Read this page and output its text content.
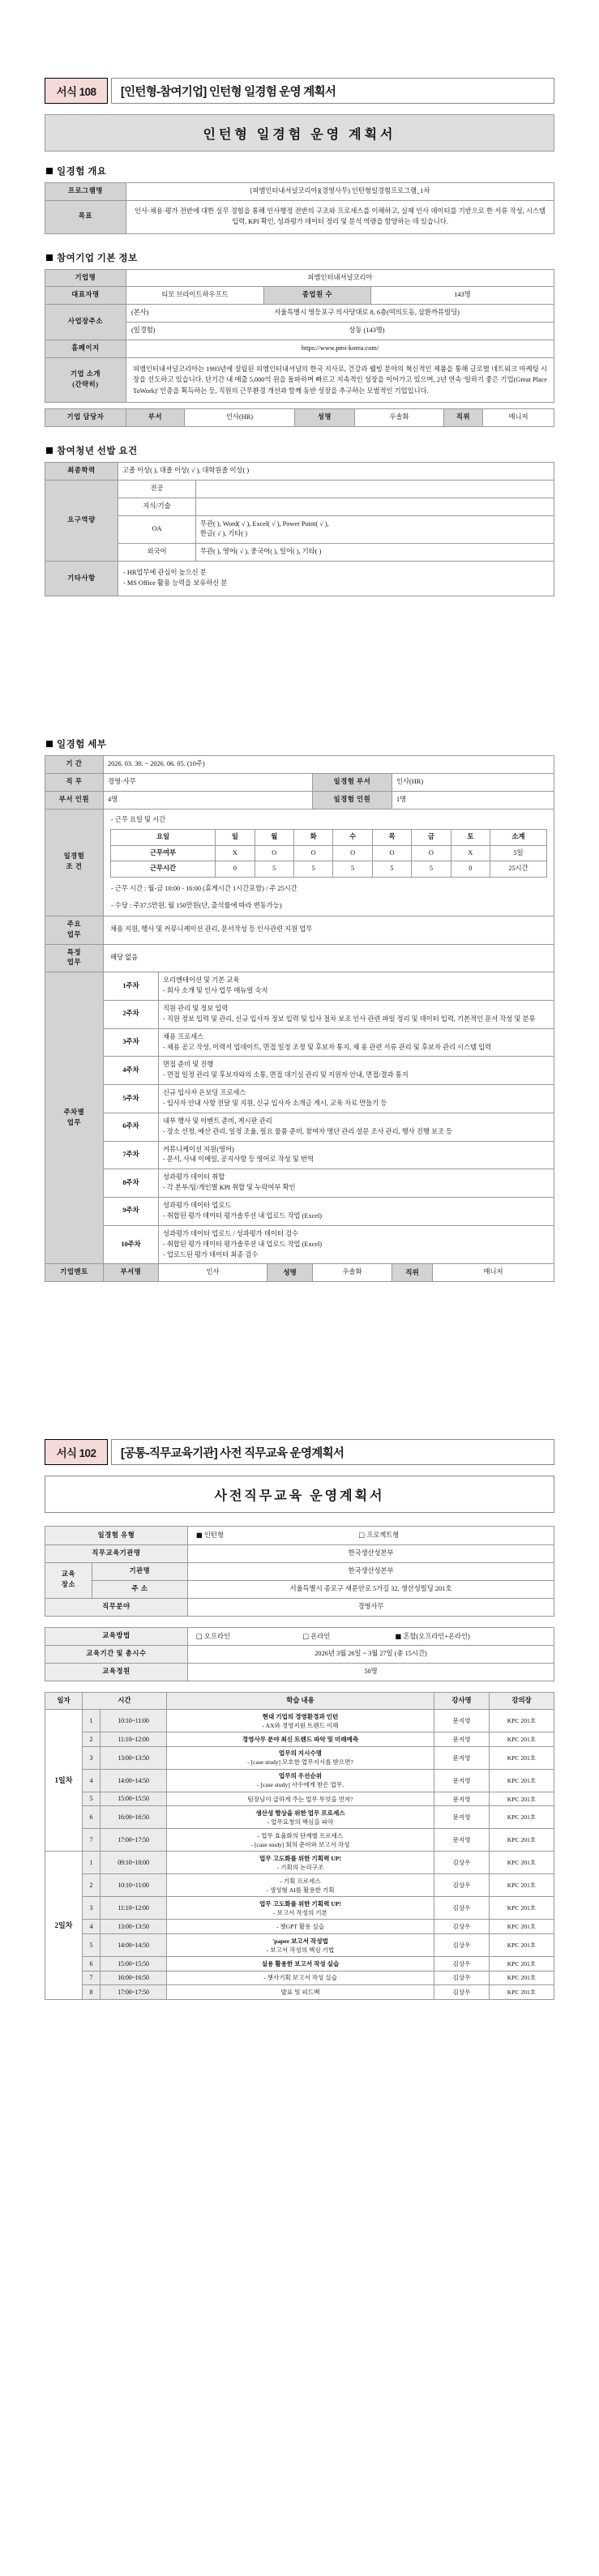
서식 108	[인턴형-참여기업] 인턴형 일경험 운영 계획서
인턴형 일경험 운영 계획서
일경험 개요
프로그램명	[피엠인터내셔널코리아](경영사무) 인턴형일경험프로그램_1차
목표	인사·채용·평가 전반에 대한 실무 경험을 통해 인사행정 전반의 구조와 프로세스를 이해하고, 실제 인사 데이터를 기반으로 한 서류 작성, 시스템 입력, KPI 확인, 성과평가 데이터 정리 및 분석 역량을 함양하는 데 있습니다.
참여기업 기본 정보
기업명	피엠인터내셔널코리아		
대표자명	티모 브라이트하우프트	종업원 수	143명
사업장주소	(본사) 서울특별시 영등포구 의사당대로 8, 6층(여의도동, 삼환까뮤빌딩)		

	(일경험) 상동 (143명)		

홈페이지	https://www.pmi-korea.com/		

기업 소개
(간략히)	피엠인터내셔널코리아는 1993년에 설립된 피엠인터내셔널의 한국 지사로, 건강과 웰빙 분야의 혁신적인 제품을 통해 글로벌 네트워크 마케팅 시장을 선도하고 있습니다. 단기간 내 매출 5,000억 원을 돌파하며 빠르고 지속적인 성장을 이어가고 있으며, 2년 연속 '일하기 좋은 기업(Great Place ToWork)' 인증을 획득하는 등, 직원의 근무환경 개선과 함께 동반 성장을 추구하는 모범적인 기업입니다.		
기업 담당자	부서	인사(HR)	성명	우솔화	직위	매니저
참여청년 선발 요건
최종학력	고졸 이상( ), 대졸 이상( √ ), 대학원졸 이상( )	
요구역량	전공	
	지식/기술	
	OA	무관( ), Word( √ ), Excel( √ ), Power Point( √ ),
한글( √ ), 기타( )

	외국어	무관( ), 영어( √ ), 중국어( ), 일어( ), 기타( )
기타사항	- HR업무에 관심이 높으신 분
- MS Office 활용 능력을 보유하신 분	
일경험 세부
기 간	2026. 03. 30. ~ 2026. 06. 05. (10주)
직 무	경영·사무	일경험 부서	인사(HR)
부서 인원	4명	일경험 인원	1명

일경험
조 건

- 근무 요일 및 시간
요일	일	월	화	수	목	금	토	소계
근무여부	X	O	O	O	O	O	X	5일
근무시간	0	5	5	5	5	5	0	25시간
- 근무 시간 : 월-금 10:00 - 16:00 (휴게시간 1시간포함) / 주 25시간
- 수당 : 주37.5만원, 월 150만원(단, 출석률에 따라 변동가능)

주요
업무
	채용 지원, 행사 및 커뮤니케이션 관리, 문서작성 등 인사관련 지원 업무

특정
업무
	해당 없음

주차별
업무
	1주차	
오리엔테이션 및 기본 교육
- 회사 소개 및 인사 업무 매뉴얼 숙지

2주차	
직원 관리 및 정보 입력
- 직원 정보 입력 및 관리, 신규 입사자 정보 입력 및 입사 절차 보조 인사 관련 파일 정리 및 데이터 입력, 기본적인 문서 작성 및 분류

3주차	
채용 프로세스
- 채용 공고 작성, 이력서 업데이트, 면접 일정 조정 및 후보자 통지, 채 용 관련 서류 관리 및 후보자 관리 시스템 입력

4주차	
면접 준비 및 진행
- 면접 일정 관리 및 후보자와의 소통, 면접 대기실 관리 및 지원자 안내, 면접/결과 통지

5주차	
신규 입사자 온보딩 프로세스
- 입사자 안내 사항 전달 및 지원, 신규 입사자 소개글 게시, 교육 자료 만들기 등

6주차	
내부 행사 및 이벤트 준비, 게시판 관리
- 장소 선정, 예산 관리, 일정 조율, 필요 물품 준비, 참여자 명단 관리 설문 조사 관리, 행사 진행 보조 등

7주차	
커뮤니케이션 지원(영어)
- 문서, 사내 이메일, 공지사항 등 영어로 작성 및 번역

8주차	
성과평가 데이터 취합
- 각 본부/팀/개인별 KPI 취합 및 누락여부 확인

9주차	
성과평가 데이터 업로드
- 취합된 평가 데이터 평가솔루션 내 업로드 작업 (Excel)

10주차	
성과평가 데이터 업로드 / 성과평가 데이터 검수
- 취합된 평가 데이터 평가솔루션 내 업로드 작업 (Excel)
- 업로드된 평가 데이터 최종 검수

기업멘토	부서명	인사	성명	우솔화	직위	매니저
서식 102	[공통-직무교육기관] 사전 직무교육 운영계획서
사전직무교육 운영계획서
일경험 유형		■ 인턴형 □ 프로젝트형
직무교육기관명		한국생산성본부

교육
장소	기관명	한국생산성본부
	주 소	서울특별시 종로구 새문안로 5가길 32, 생산성빌딩 201호
직무분야		경영사무
교육방법	□ 오프라인 □ 온라인 ■ 혼합(오프라인+온라인)
교육기간 및 총시수	2026년 3월 26일 ~ 3월 27일 (총 15시간)
교육정원	50명
일자	시간		학습 내용	강사명	강의장
1일차	1	10:10~11:00	현대 기업의 경영환경과 인턴
- AX와 경영지원 트렌드 이해	문지영	KPC 201호
	2	11:10~12:00	경영사무 분야 최신 트렌드 파악 및 미래예측	문지영	KPC 201호
	3	13:00~13:50	업무의 지시수명
- [case study] 모호한 업무지시를 받으면?	문지영	KPC 201호
	4	14:00~14:50	업무의 우선순위
- [case study] 사수에게 받은 업무,	문지영	KPC 201호
	5	15:00~15:50	팀장님이 급하게 주는 업무 무엇을 먼저?	문지영	KPC 201호
	6	16:00~16:50	생산성 향상을 위한 업무 프로세스
- 업무요청의 핵심을 파악	문지영	KPC 201호
	7	17:00~17:50	- 업무 효율화의 단계별 프로세스
- [case study] 회의 준비와 보고서 작성	문지영	KPC 201호
2일차	1	09:10~10:00	업무 고도화를 위한 기획력 UP!
- 기획의 논리구조	김상우	KPC 201호
	2	10:10~11:00	- 기획 프로세스
- 생성형 AI를 활용한 기획	김상우	KPC 201호
	3	11:10~12:00	업무 고도화를 위한 기획력 UP!
- 보고서 작성의 기본	김상우	KPC 201호
	4	13:00~13:50	- 챗GPT 활용 실습	김상우	KPC 201호
	5	14:00~14:50	'paper 보고서 작성법
- 보고서 작성의 핵심 기법	김상우	KPC 201호
	6	15:00~15:50	실용 활용한 보고서 작성 실습	김상우	KPC 201호
	7	16:00~16:50	- 챗사기획 보고서 작성 실습	김상우	KPC 201호
	8	17:00~17:50	발표 및 피드백	김상우	KPC 201호
